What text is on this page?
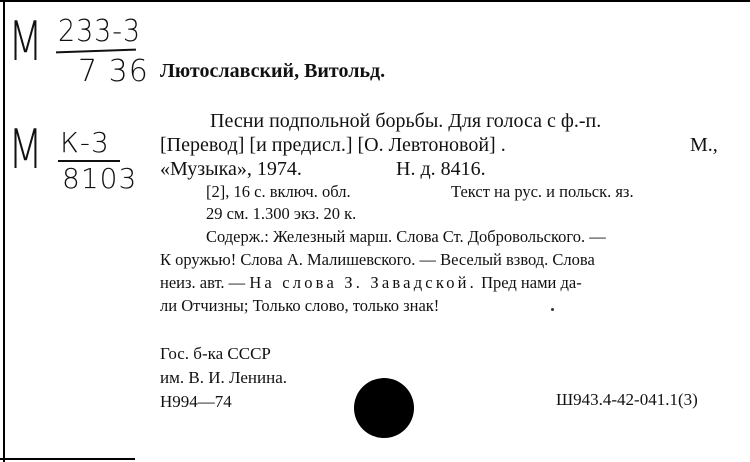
М 233-3
7 36
М К-3
8103
Лютославский, Витольд.
Песни подпольной борьбы. Для голоса с ф.-п.
[Перевод] [и предисл.] [О. Левтоновой] .	М.,
«Музыка», 1974.	Н. д. 8416.
[2], 16 с. включ. обл.	Текст на рус. и польск. яз.
29 см. 1.300 экз. 20 к.
Содерж.: Железный марш. Слова Ст. Добровольского. —
К оружью! Слова А. Малишевского. — Веселый взвод. Слова
неиз. авт. — На слова З. Завадской. Пред нами да-
ли Отчизны; Только слово, только знак!
Гос. б-ка СССР
им. В. И. Ленина.
Н994—74	Ш943.4-42-041.1(3)
